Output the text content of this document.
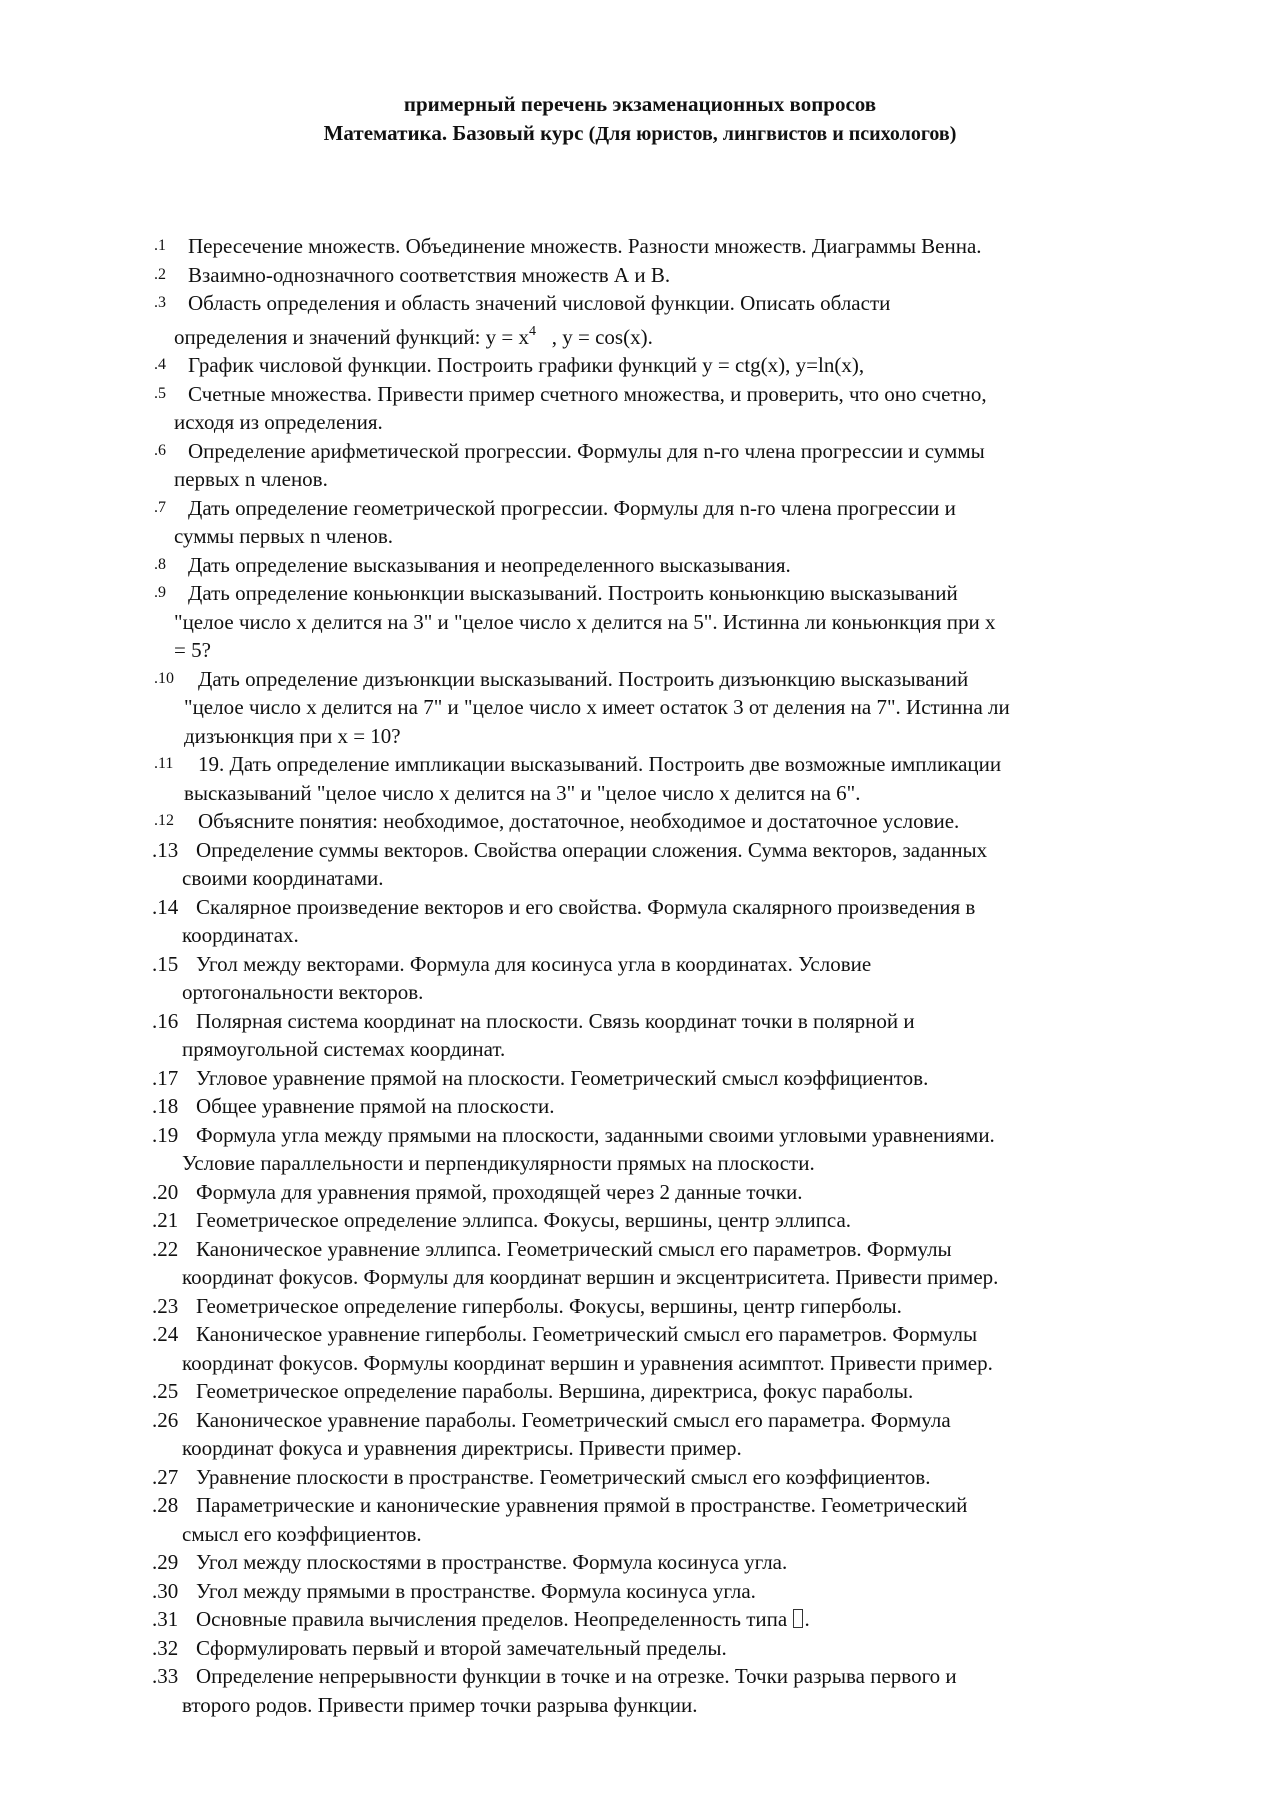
примерный перечень экзаменационных вопросов
Математика. Базовый курс (Для юристов, лингвистов и психологов)
.1 Пересечение множеств. Объединение множеств. Разности множеств. Диаграммы Венна.
.2 Взаимно-однозначного соответствия множеств А и В.
.3 Область определения и область значений числовой функции. Описать области
определения и значений функций: $y = x^4$   , y = cos(x).
.4 График числовой функции. Построить графики функций y = ctg(x), y=ln(x),
.5 Счетные множества. Привести пример счетного множества, и проверить, что оно счетно,
исходя из определения.
.6 Определение арифметической прогрессии. Формулы для n-го члена прогрессии и суммы
первых n членов.
.7 Дать определение геометрической прогрессии. Формулы для n-го члена прогрессии и
суммы первых n членов.
.8 Дать определение высказывания и неопределенного высказывания.
.9 Дать определение коньюнкции высказываний. Построить коньюнкцию высказываний
"целое число x делится на 3" и "целое число x делится на 5". Истинна ли коньюнкция при x
= 5?
.10 Дать определение дизъюнкции высказываний. Построить дизъюнкцию высказываний
"целое число x делится на 7" и "целое число x имеет остаток 3 от деления на 7". Истинна ли
дизъюнкция при x = 10?
.11 19. Дать определение импликации высказываний. Построить две возможные импликации
высказываний "целое число x делится на 3" и "целое число x делится на 6".
.12 Объясните понятия: необходимое, достаточное, необходимое и достаточное условие.
.13 Определение суммы векторов. Свойства операции сложения. Сумма векторов, заданных
своими координатами.
.14 Скалярное произведение векторов и его свойства. Формула скалярного произведения в
координатах.
.15 Угол между векторами. Формула для косинуса угла в координатах. Условие
ортогональности векторов.
.16 Полярная система координат на плоскости. Связь координат точки в полярной и
прямоугольной системах координат.
.17 Угловое уравнение прямой на плоскости. Геометрический смысл коэффициентов.
.18 Общее уравнение прямой на плоскости.
.19 Формула угла между прямыми на плоскости, заданными своими угловыми уравнениями.
Условие параллельности и перпендикулярности прямых на плоскости.
.20 Формула для уравнения прямой, проходящей через 2 данные точки.
.21 Геометрическое определение эллипса. Фокусы, вершины, центр эллипса.
.22 Каноническое уравнение эллипса. Геометрический смысл его параметров. Формулы
координат фокусов. Формулы для координат вершин и эксцентриситета. Привести пример.
.23 Геометрическое определение гиперболы. Фокусы, вершины, центр гиперболы.
.24 Каноническое уравнение гиперболы. Геометрический смысл его параметров. Формулы
координат фокусов. Формулы координат вершин и уравнения асимптот. Привести пример.
.25 Геометрическое определение параболы. Вершина, директриса, фокус параболы.
.26 Каноническое уравнение параболы. Геометрический смысл его параметра. Формула
координат фокуса и уравнения директрисы. Привести пример.
.27 Уравнение плоскости в пространстве. Геометрический смысл его коэффициентов.
.28 Параметрические и канонические уравнения прямой в пространстве. Геометрический
смысл его коэффициентов.
.29 Угол между плоскостями в пространстве. Формула косинуса угла.
.30 Угол между прямыми в пространстве. Формула косинуса угла.
.31 Основные правила вычисления пределов. Неопределенность типа .
.32 Сформулировать первый и второй замечательный пределы.
.33 Определение непрерывности функции в точке и на отрезке. Точки разрыва первого и
второго родов. Привести пример точки разрыва функции.
